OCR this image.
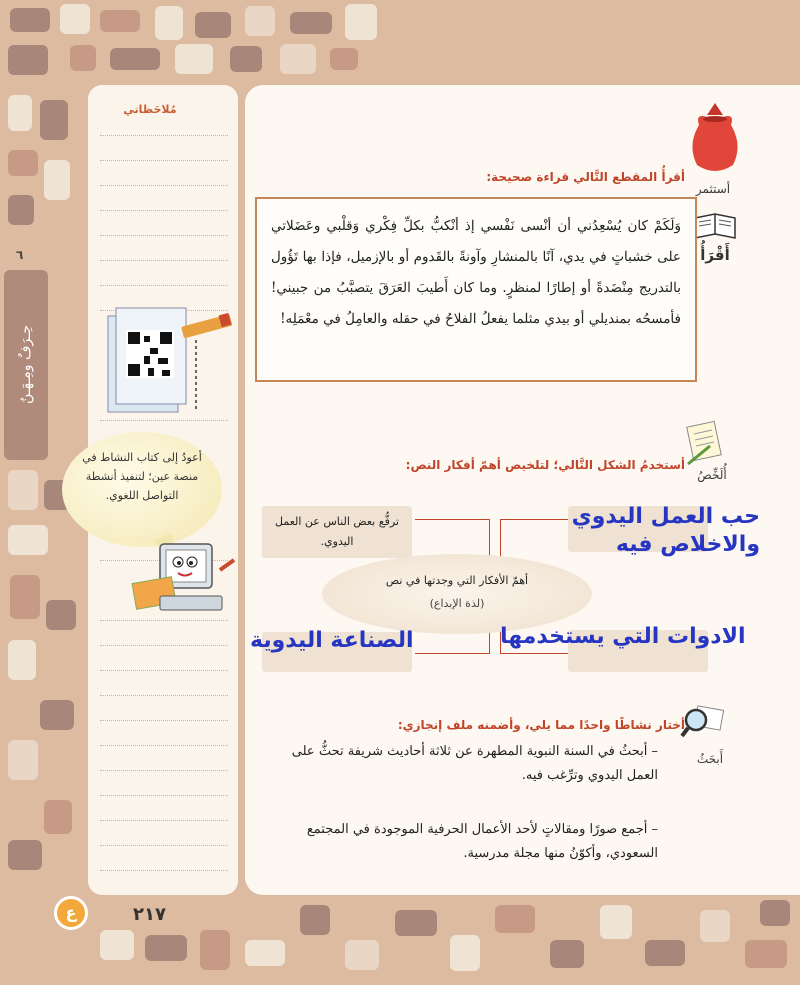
مُلاحَظاتي
٦
حِـرَفٌ ومِـهَـنٌ
أعودُ إلى كتاب النشاط في منصة عين؛ لتنفيذ أنشطة التواصل اللغوي.
أستثمر
أَقْرَأُ
أقرأُ المقطع التَّالي قراءة صحيحة:
وَلَكَمْ كان يُسْعِدُني أن أنْسى نَفْسي إذ أنْكبُّ بكلِّ فِكْري وَقلْبي وعَضَلاتي على خشباتٍ في يدي، آنًا بالمنشارِ وآونةً بالقَدوم أو بالإزميل، فإذا بها تَؤُول بالتدريج مِنْضَدةً أو إطارًا لمنظرٍ. وما كان أَطيبَ العَرَقَ يتصبَّبُ من جبيني! فأمسحُه بمنديلي أو بيدي مثلما يفعلُ الفلاحُ في حقله والعامِلُ في معْمَلِه!
أُلَخِّصُ
أستخدمُ الشكل التَّالي؛ لتلخيص أهمّ أفكار النص:
ترفُّع بعض الناس عن العمل اليدوي.
أهمّ الأفكار التي وجدتها في نص
(لذة الإبداع)
حب العمل اليدوي والاخلاص فيه
الادوات التي يستخدمها
الصناعة اليدوية
أَبحَثُ
أختار نشاطًا واحدًا مما يلي، وأضمنه ملف إنجازي:
– أبحثُ في السنة النبوية المطهرة عن ثلاثة أحاديث شريفة تحثُّ على العمل اليدوي وترِّغب فيه.
– أجمع صورًا ومقالاتٍ لأحد الأعمال الحرفية الموجودة في المجتمع السعودي، وأكوّنُ منها مجلة مدرسية.
٢١٧
ع
